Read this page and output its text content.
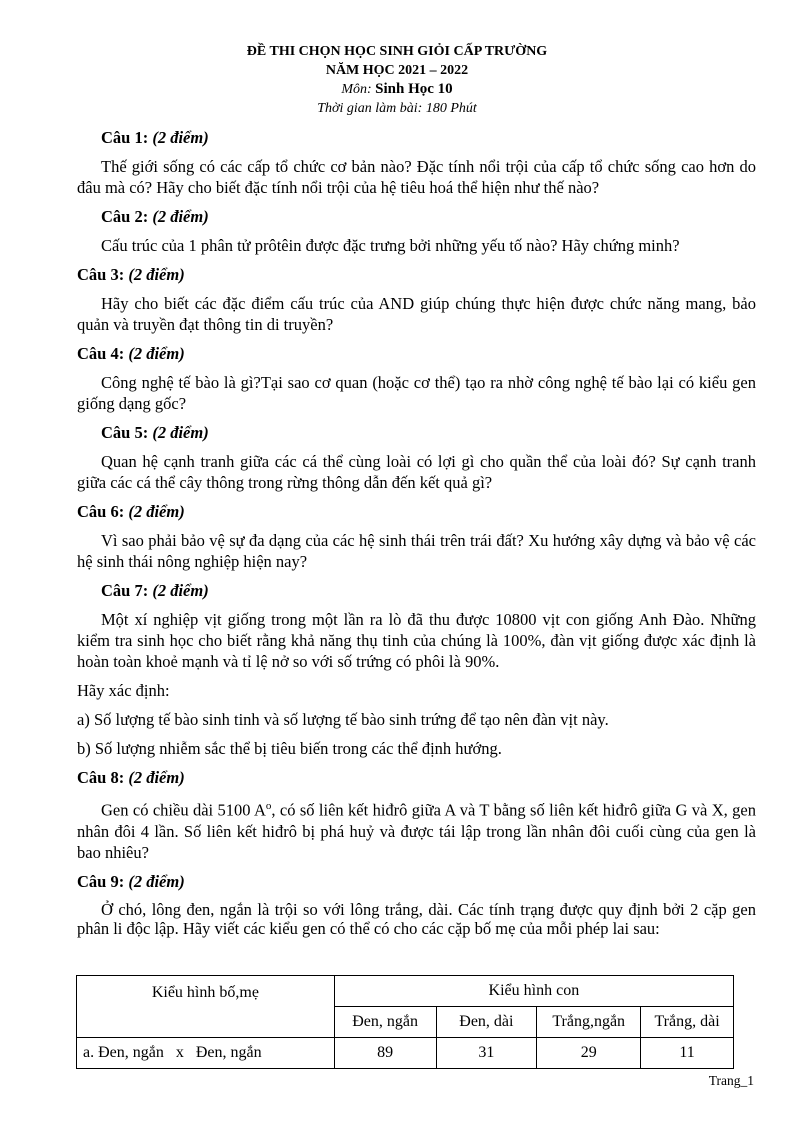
ĐỀ THI CHỌN HỌC SINH GIỎI CẤP TRƯỜNG
NĂM HỌC 2021 – 2022
Môn: Sinh Học 10
Thời gian làm bài: 180 Phút
Câu 1: (2 điểm)

Thế giới sống có các cấp tổ chức cơ bản nào? Đặc tính nổi trội của cấp tổ chức sống cao hơn do đâu mà có? Hãy cho biết đặc tính nổi trội của hệ tiêu hoá thể hiện như thế nào?

Câu 2: (2 điểm)

Cấu trúc của 1 phân tử prôtêin được đặc trưng bởi những yếu tố nào? Hãy chứng minh?

Câu 3: (2 điểm)

Hãy cho biết các đặc điểm cấu trúc của AND giúp chúng thực hiện được chức năng mang, bảo quản và truyền đạt thông tin di truyền?

Câu 4: (2 điểm)

Công nghệ tế bào là gì?Tại sao cơ quan (hoặc cơ thể) tạo ra nhờ công nghệ tế bào lại có kiểu gen giống dạng gốc?

Câu 5: (2 điểm)

Quan hệ cạnh tranh giữa các cá thể cùng loài có lợi gì cho quần thể của loài đó? Sự cạnh tranh giữa các cá thể cây thông trong rừng thông dẫn đến kết quả gì?

Câu 6: (2 điểm)

Vì sao phải bảo vệ sự đa dạng của các hệ sinh thái trên trái đất? Xu hướng xây dựng và bảo vệ các hệ sinh thái nông nghiệp hiện nay?

Câu 7: (2 điểm)

Một xí nghiệp vịt giống trong một lần ra lò đã thu được 10800 vịt con giống Anh Đào. Những kiểm tra sinh học cho biết rằng khả năng thụ tinh của chúng là 100%, đàn vịt giống được xác định là hoàn toàn khoẻ mạnh và tỉ lệ nở so với số trứng có phôi là 90%.

Hãy xác định:

a) Số lượng tế bào sinh tinh và số lượng tế bào sinh trứng để tạo nên đàn vịt này.

b) Số lượng nhiễm sắc thể bị tiêu biến trong các thể định hướng.

Câu 8: (2 điểm)

Gen có chiều dài 5100 $A^o$, có số liên kết hiđrô giữa A và T bằng số liên kết hiđrô giữa G và X, gen nhân đôi 4 lần. Số liên kết hiđrô bị phá huỷ và được tái lập trong lần nhân đôi cuối cùng của gen là bao nhiêu?

Câu 9: (2 điểm)

Ở chó, lông đen, ngắn là trội so với lông trắng, dài. Các tính trạng được quy định bởi 2 cặp gen phân li độc lập. Hãy viết các kiểu gen có thể có cho các cặp bố mẹ của mỗi phép lai sau:

Kiểu hình bố,mẹ	Kiểu hình con			
	Đen, ngắn	Đen, dài	Trắng,ngắn	Trắng, dài
a. Đen, ngắn   x   Đen, ngắn	89	31	29	11
Trang_1
